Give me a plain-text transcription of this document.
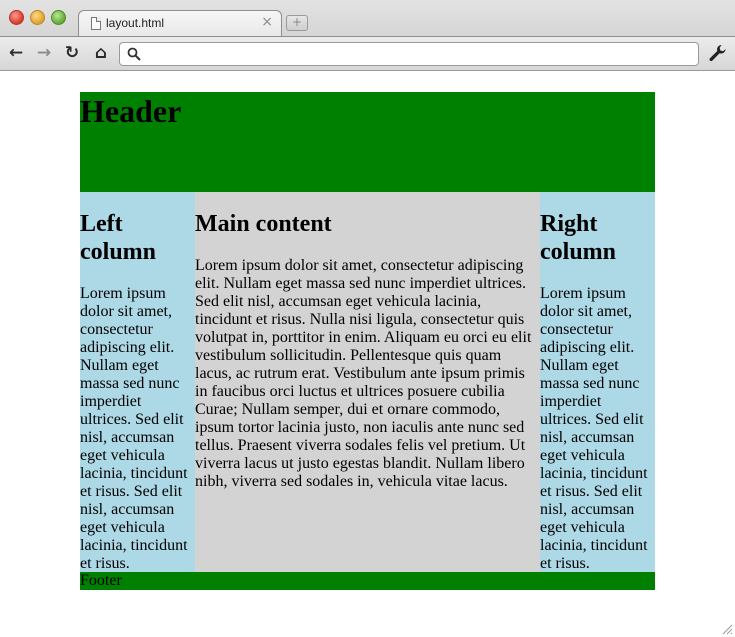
layout.html	×	+
← → ↻ ⌂
Header
Left column

Lorem ipsum dolor sit amet, consectetur adipiscing elit. Nullam eget massa sed nunc imperdiet ultrices. Sed elit nisl, accumsan eget vehicula lacinia, tincidunt et risus. Sed elit nisl, accumsan eget vehicula lacinia, tincidunt et risus.

Main content

Lorem ipsum dolor sit amet, consectetur adipiscing elit. Nullam eget massa sed nunc imperdiet ultrices. Sed elit nisl, accumsan eget vehicula lacinia, tincidunt et risus. Nulla nisi ligula, consectetur quis volutpat in, porttitor in enim. Aliquam eu orci eu elit vestibulum sollicitudin. Pellentesque quis quam lacus, ac rutrum erat. Vestibulum ante ipsum primis in faucibus orci luctus et ultrices posuere cubilia Curae; Nullam semper, dui et ornare commodo, ipsum tortor lacinia justo, non iaculis ante nunc sed tellus. Praesent viverra sodales felis vel pretium. Ut viverra lacus ut justo egestas blandit. Nullam libero nibh, viverra sed sodales in, vehicula vitae lacus.

Right column

Lorem ipsum dolor sit amet, consectetur adipiscing elit. Nullam eget massa sed nunc imperdiet ultrices. Sed elit nisl, accumsan eget vehicula lacinia, tincidunt et risus. Sed elit nisl, accumsan eget vehicula lacinia, tincidunt et risus.

Footer
